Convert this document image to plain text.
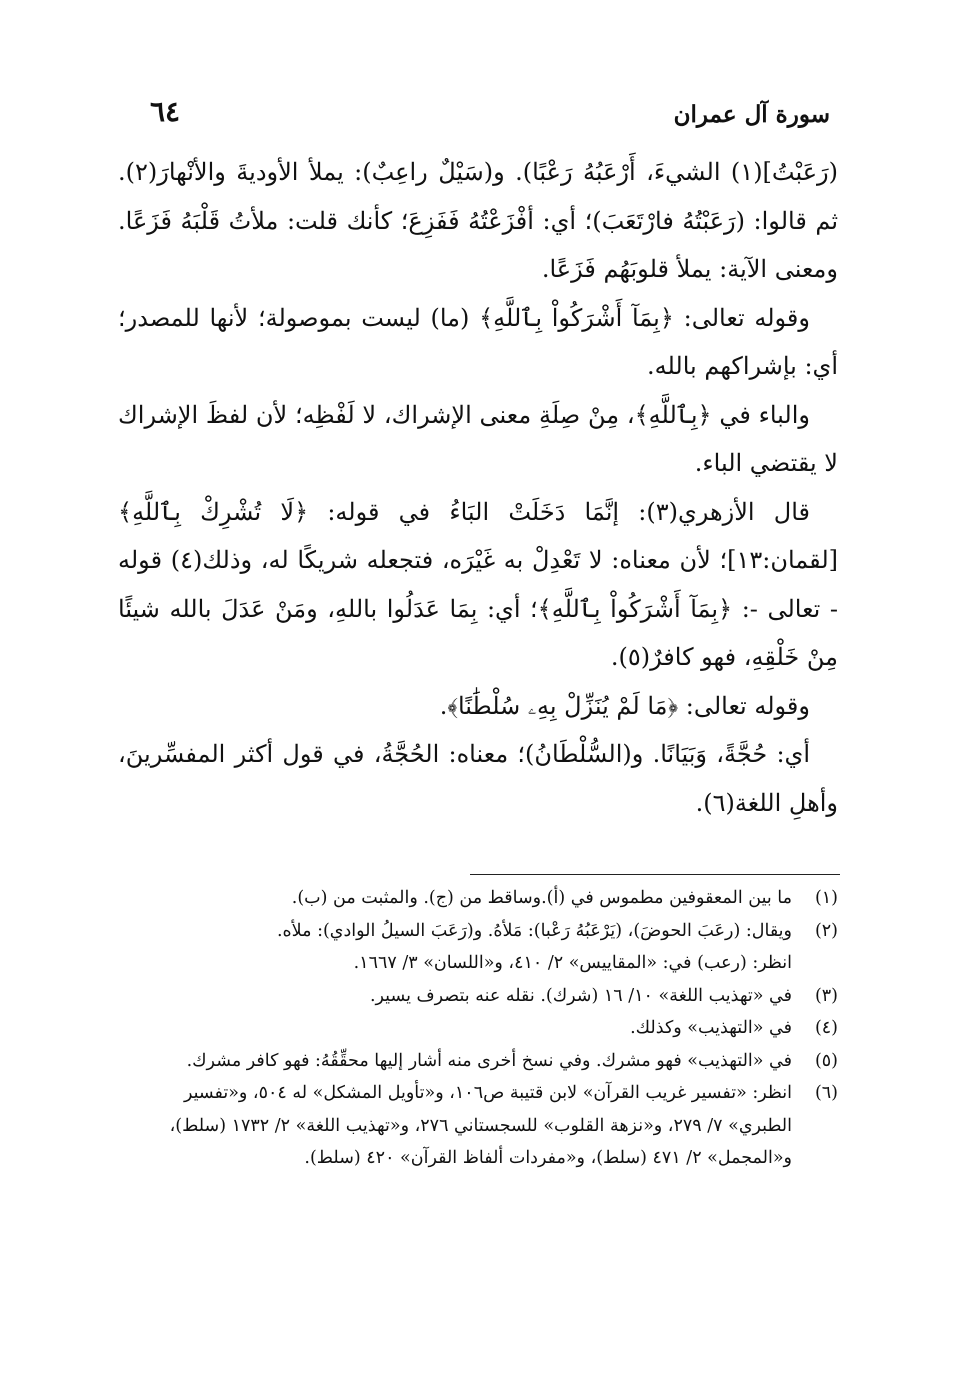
سورة آل عمران
٦٤

(رَعَبْتُ](١) الشيءَ، أَرْعَبُهُ رَعْبًا). و(سَيْلٌ راعِبٌ): يملأ الأوديةَ والأنْهارَ(٢). ثم قالوا: (رَعَبْتُهُ فارْتَعَبَ)؛ أي: أفْزَعْتُهُ فَفَزِعَ؛ كأنك قلت: ملأتُ قَلْبَهُ فَزَعًا. ومعنى الآية: يملأ قلوبَهُم فَزَعًا.

وقوله تعالى: ﴿بِمَآ أَشْرَكُواْ بِٱللَّهِ﴾ (ما) ليست بموصولة؛ لأنها للمصدر؛ أي: بإشراكهم بالله.

والباء في ﴿بِٱللَّهِ﴾، مِنْ صِلَةِ معنى الإشراك، لا لَفْظِه؛ لأن لفظَ الإشراك لا يقتضي الباء.

قال الأزهري(٣): إنَّمَا دَخَلَتْ البَاءُ في قوله: ﴿لَا تُشْرِكْ بِٱللَّهِ﴾ [لقمان:١٣]؛ لأن معناه: لا تَعْدِلْ به غَيْرَه، فتجعله شريكًا له، وذلك(٤) قوله - تعالى -: ﴿بِمَآ أَشْرَكُواْ بِٱللَّهِ﴾؛ أي: بِمَا عَدَلُوا باللهِ، ومَنْ عَدَلَ بالله شيئًا مِنْ خَلْقِهِ، فهو كافرٌ(٥).

وقوله تعالى: ﴿مَا لَمْ يُنَزِّلْ بِهِۦ سُلْطَٰنًا﴾.

أي: حُجَّةً، وَبَيَانًا. و(السُّلْطَانُ)؛ معناه: الحُجَّةُ، في قول أكثر المفسِّرينَ، وأهلِ اللغة(٦).

(١)
ما بين المعقوفين مطموس في (أ).وساقط من (ج). والمثبت من (ب).
(٢)
ويقال: (رعَبَ الحوضَ)، (يَرْعَبُهُ رَعْبا): مَلأهُ. و(رَعَبَ السيلُ الوادي): ملأه.
انظر: (رعب) في: «المقاييس» ٢/ ٤١٠، و«اللسان» ٣/ ١٦٦٧.
(٣)
في «تهذيب اللغة» ١٠/ ١٦ (شرك). نقله عنه بتصرف يسير.
(٤)
في «التهذيب» وكذلك.
(٥)
في «التهذيب» فهو مشرك. وفي نسخ أخرى منه أشار إليها محقِّقُهُ: فهو كافر مشرك.
(٦)
انظر: «تفسير غريب القرآن» لابن قتيبة ص١٠٦، و«تأويل المشكل» له ٥٠٤، و«تفسير الطبري» ٧/ ٢٧٩، و«نزهة القلوب» للسجستاني ٢٧٦، و«تهذيب اللغة» ٢/ ١٧٣٢ (سلط)، و«المجمل» ٢/ ٤٧١ (سلط)، و«مفردات ألفاظ القرآن» ٤٢٠ (سلط).
